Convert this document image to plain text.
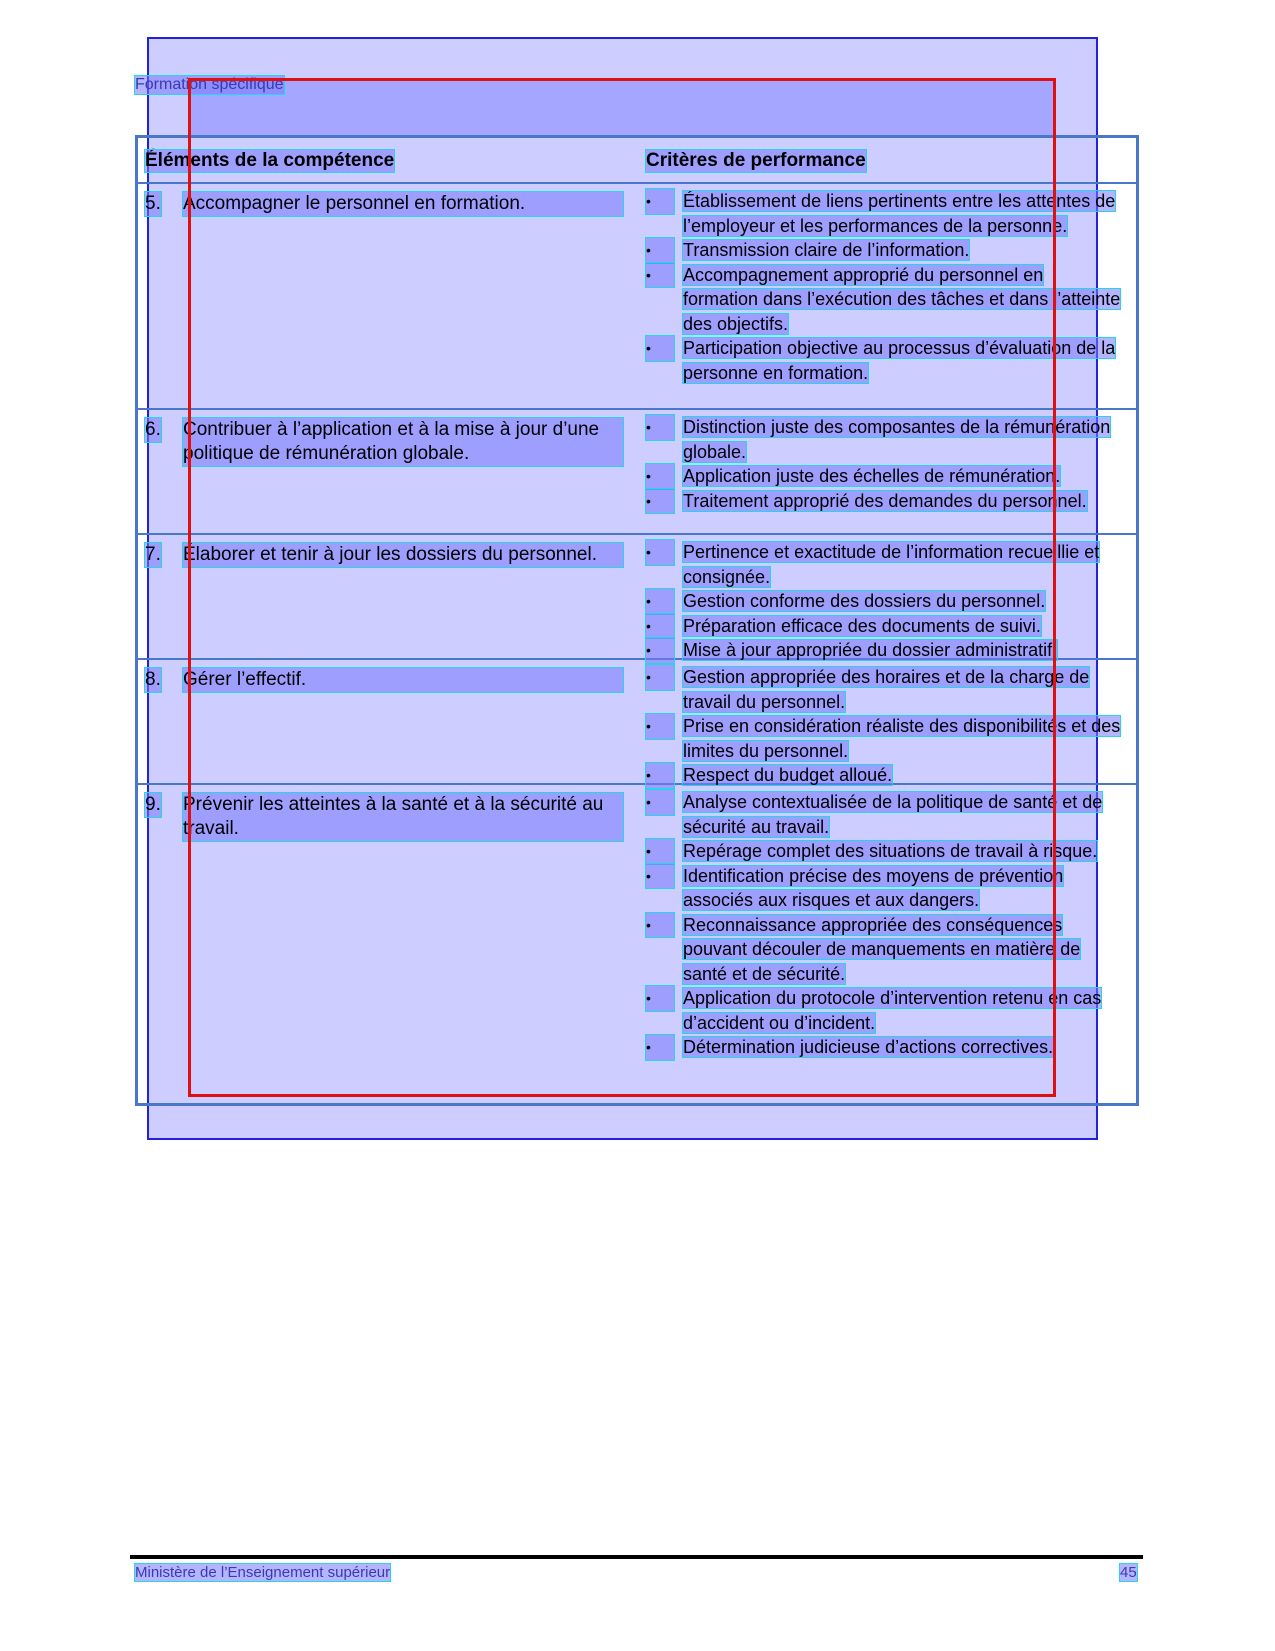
Formation spécifique
Éléments de la compétence	Critères de performance
5. Accompagner le personnel en formation.	•	Établissement de liens pertinents entre les attentes de l’employeur et les performances de la personne.
•	Transmission claire de l’information.
•	Accompagnement approprié du personnel en formation dans l’exécution des tâches et dans l’atteinte des objectifs.
•	Participation objective au processus d’évaluation de la personne en formation.
6. Contribuer à l’application et à la mise à jour d’une politique de rémunération globale.
•	Distinction juste des composantes de la rémunération globale.
•	Application juste des échelles de rémunération.
•	Traitement approprié des demandes du personnel.
7. Élaborer et tenir à jour les dossiers du personnel.	•	Pertinence et exactitude de l’information recueillie et consignée.
•	Gestion conforme des dossiers du personnel.
•	Préparation efficace des documents de suivi.
•	Mise à jour appropriée du dossier administratif.
8. Gérer l’effectif.	•	Gestion appropriée des horaires et de la charge de travail du personnel.
•	Prise en considération réaliste des disponibilités et des limites du personnel.
•	Respect du budget alloué.
9. Prévenir les atteintes à la santé et à la sécurité au travail.
•	Analyse contextualisée de la politique de santé et de sécurité au travail.
•	Repérage complet des situations de travail à risque.
•	Identification précise des moyens de prévention associés aux risques et aux dangers.
•	Reconnaissance appropriée des conséquences pouvant découler de manquements en matière de santé et de sécurité.
•	Application du protocole d’intervention retenu en cas d’accident ou d’incident.
•	Détermination judicieuse d’actions correctives.
Ministère de l’Enseignement supérieur	45
